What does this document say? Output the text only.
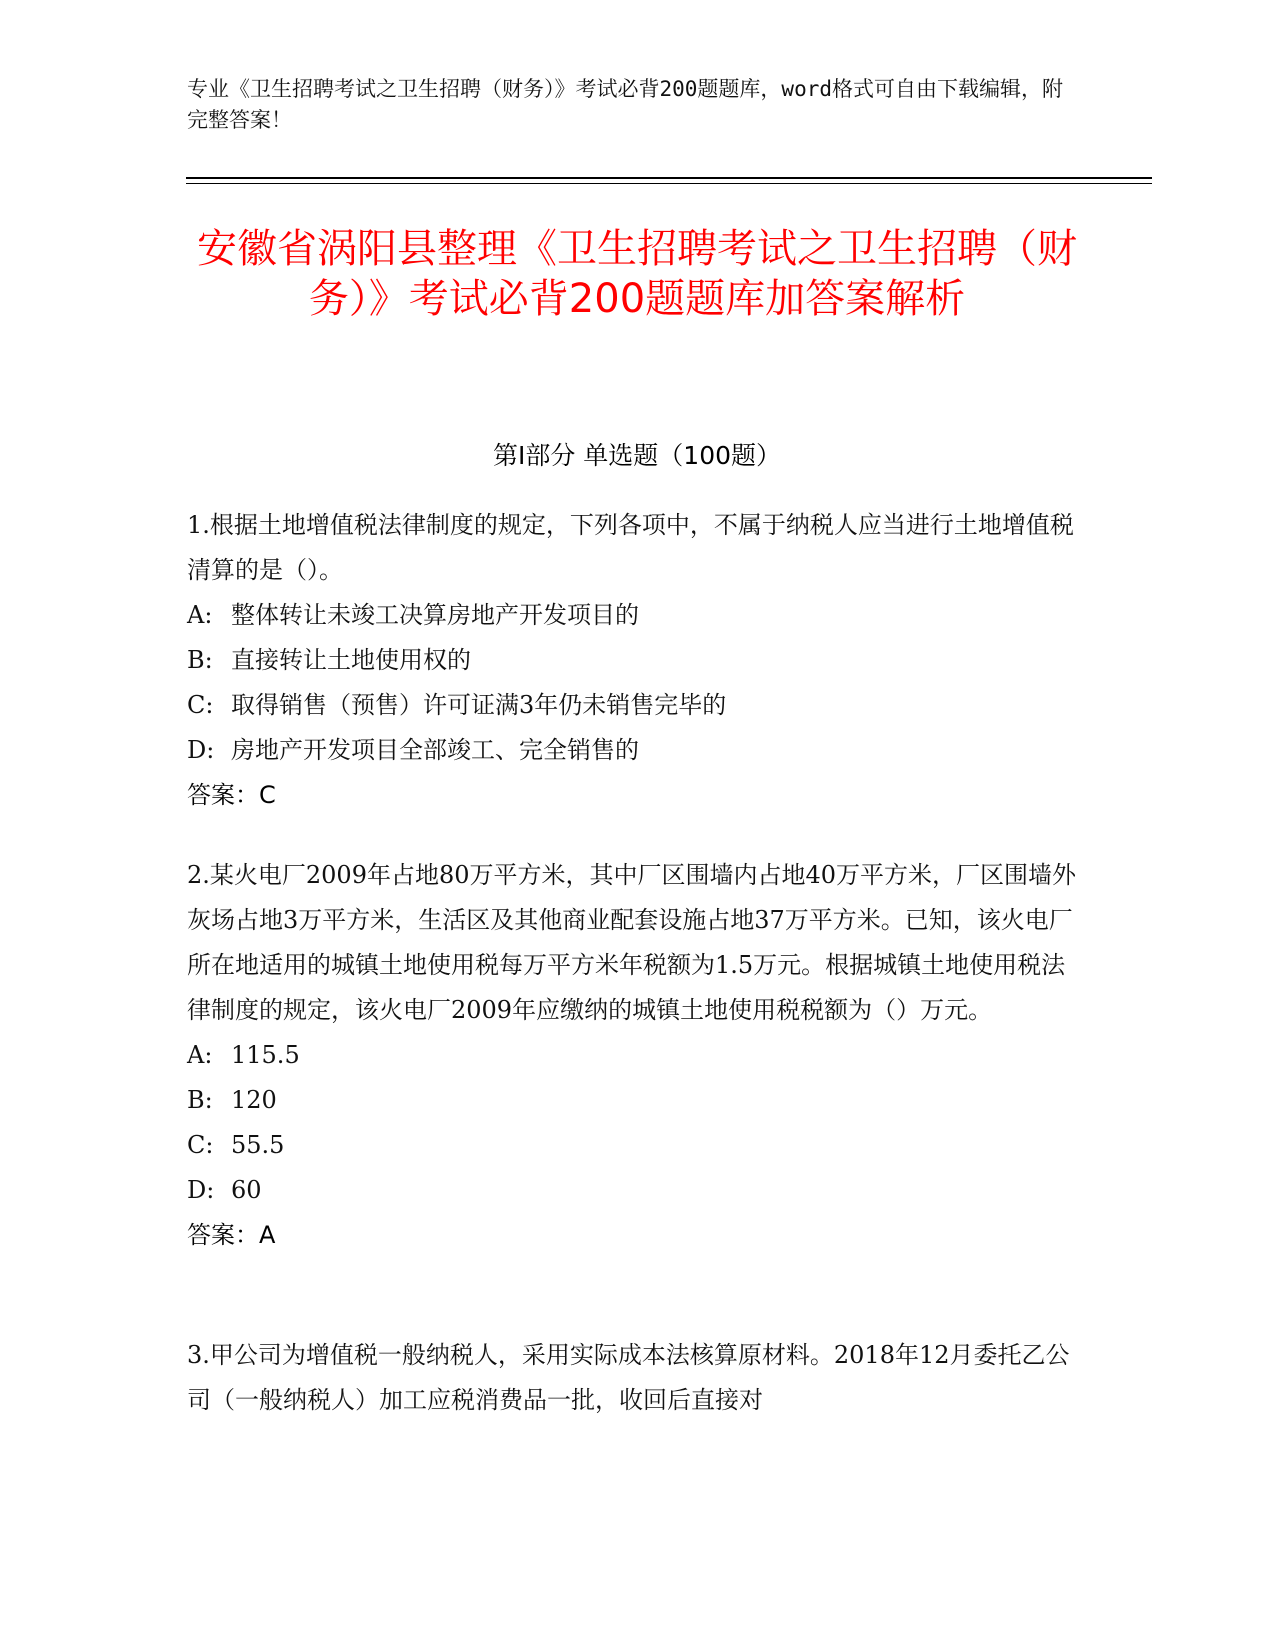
专业《卫生招聘考试之卫生招聘（财务）》考试必背200题题库，word格式可自由下载编辑，附完整答案！

安徽省涡阳县整理《卫生招聘考试之卫生招聘（财务）》考试必背200题题库加答案解析
第Ⅰ部分 单选题（100题）

1.根据土地增值税法律制度的规定，下列各项中，不属于纳税人应当进行土地增值税清算的是（）。

A: 整体转让未竣工决算房地产开发项目的

B: 直接转让土地使用权的

C: 取得销售（预售）许可证满3年仍未销售完毕的

D: 房地产开发项目全部竣工、完全销售的

答案：C

2.某火电厂2009年占地80万平方米，其中厂区围墙内占地40万平方米，厂区围墙外灰场占地3万平方米，生活区及其他商业配套设施占地37万平方米。已知，该火电厂所在地适用的城镇土地使用税每万平方米年税额为1.5万元。根据城镇土地使用税法律制度的规定，该火电厂2009年应缴纳的城镇土地使用税税额为（）万元。

A: 115.5

B: 120

C: 55.5

D: 60

答案：A

3.甲公司为增值税一般纳税人，采用实际成本法核算原材料。2018年12月委托乙公司（一般纳税人）加工应税消费品一批，收回后直接对
